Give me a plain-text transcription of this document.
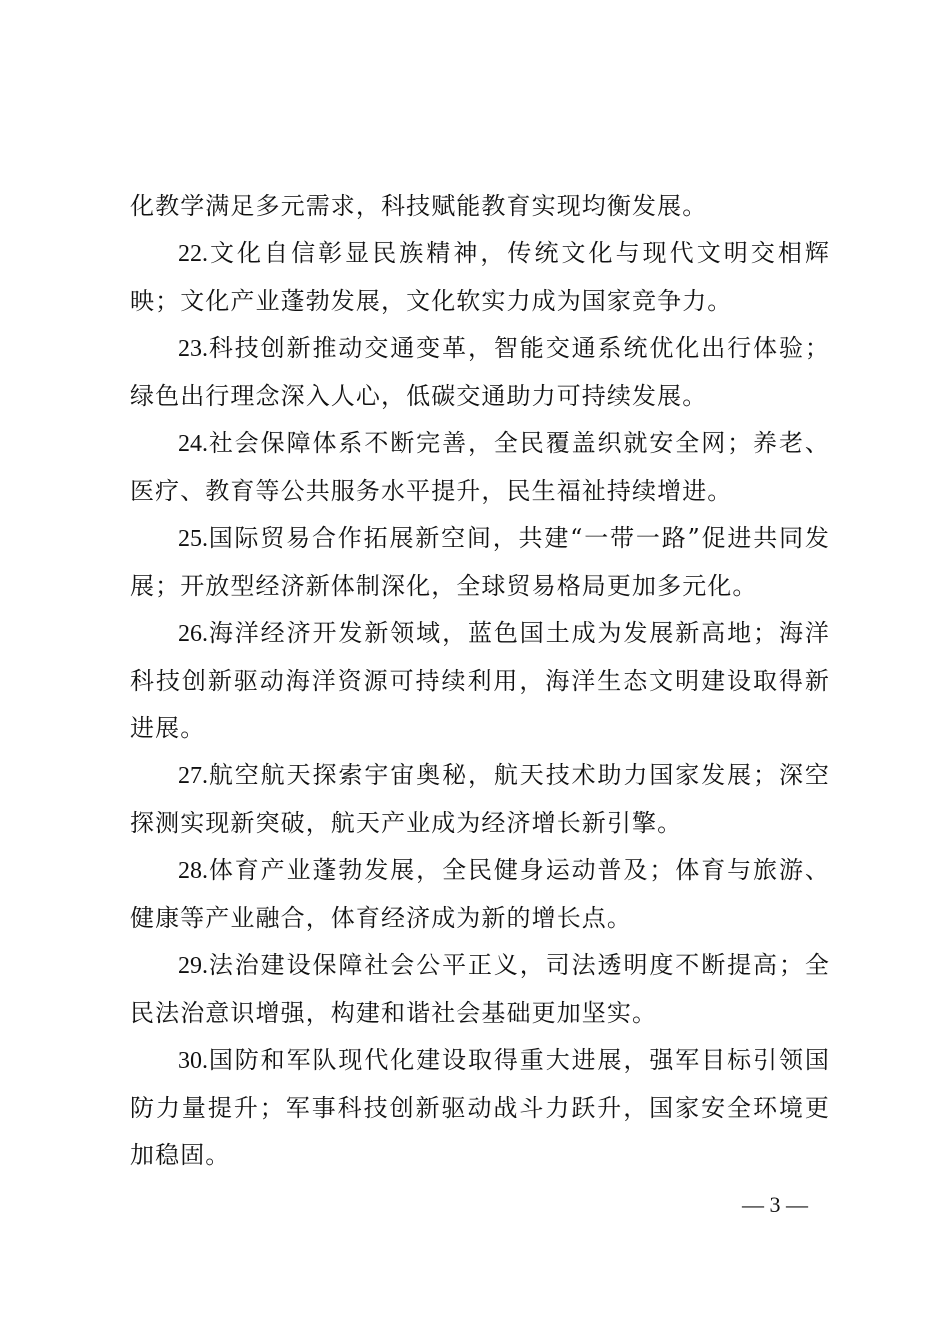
化教学满足多元需求，科技赋能教育实现均衡发展。

22.文化自信彰显民族精神，传统文化与现代文明交相辉映；文化产业蓬勃发展，文化软实力成为国家竞争力。

23.科技创新推动交通变革，智能交通系统优化出行体验；绿色出行理念深入人心，低碳交通助力可持续发展。

24.社会保障体系不断完善，全民覆盖织就安全网；养老、医疗、教育等公共服务水平提升，民生福祉持续增进。

25.国际贸易合作拓展新空间，共建“一带一路”促进共同发展；开放型经济新体制深化，全球贸易格局更加多元化。

26.海洋经济开发新领域，蓝色国土成为发展新高地；海洋科技创新驱动海洋资源可持续利用，海洋生态文明建设取得新进展。

27.航空航天探索宇宙奥秘，航天技术助力国家发展；深空探测实现新突破，航天产业成为经济增长新引擎。

28.体育产业蓬勃发展，全民健身运动普及；体育与旅游、健康等产业融合，体育经济成为新的增长点。

29.法治建设保障社会公平正义，司法透明度不断提高；全民法治意识增强，构建和谐社会基础更加坚实。

30.国防和军队现代化建设取得重大进展，强军目标引领国防力量提升；军事科技创新驱动战斗力跃升，国家安全环境更加稳固。

— 3 —
